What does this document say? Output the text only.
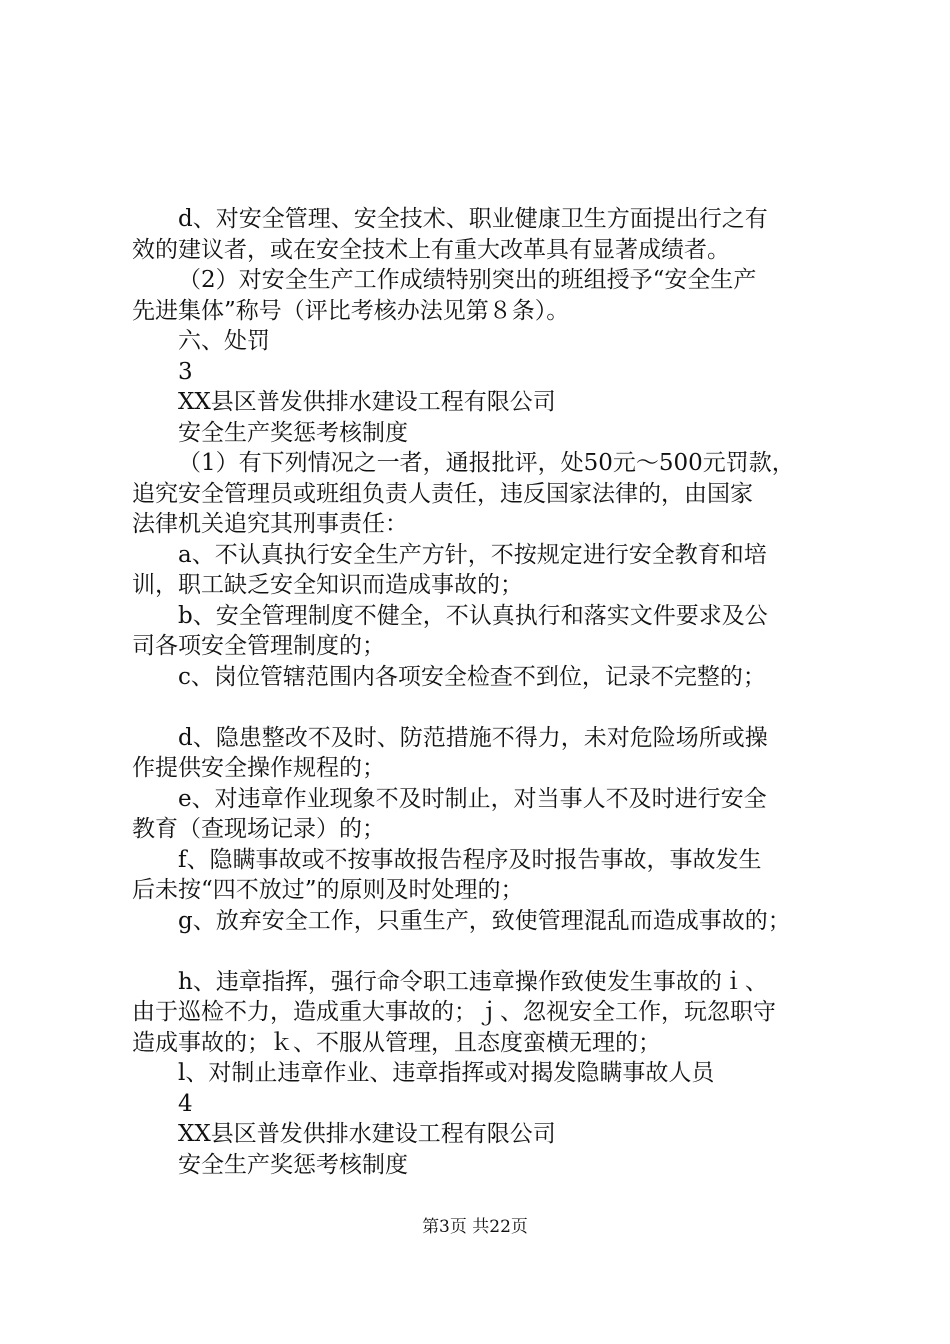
d、对安全管理、安全技术、职业健康卫生方面提出行之有
效的建议者，或在安全技术上有重大改革具有显著成绩者。
（2）对安全生产工作成绩特别突出的班组授予“安全生产
先进集体”称号（评比考核办法见第８条）。
六、处罚
3
XX县区普发供排水建设工程有限公司
安全生产奖惩考核制度
（1）有下列情况之一者，通报批评，处50元～500元罚款，
追究安全管理员或班组负责人责任，违反国家法律的，由国家
法律机关追究其刑事责任：
a、不认真执行安全生产方针，不按规定进行安全教育和培
训，职工缺乏安全知识而造成事故的；
b、安全管理制度不健全，不认真执行和落实文件要求及公
司各项安全管理制度的；
c、岗位管辖范围内各项安全检查不到位，记录不完整的；
d、隐患整改不及时、防范措施不得力，未对危险场所或操
作提供安全操作规程的；
e、对违章作业现象不及时制止，对当事人不及时进行安全
教育（查现场记录）的；
f、隐瞒事故或不按事故报告程序及时报告事故，事故发生
后未按“四不放过”的原则及时处理的；
g、放弃安全工作，只重生产，致使管理混乱而造成事故的；
h、违章指挥，强行命令职工违章操作致使发生事故的ｉ、
由于巡检不力，造成重大事故的；ｊ、忽视安全工作，玩忽职守
造成事故的；ｋ、不服从管理，且态度蛮横无理的；
l、对制止违章作业、违章指挥或对揭发隐瞒事故人员
4
XX县区普发供排水建设工程有限公司
安全生产奖惩考核制度
第3页 共22页
